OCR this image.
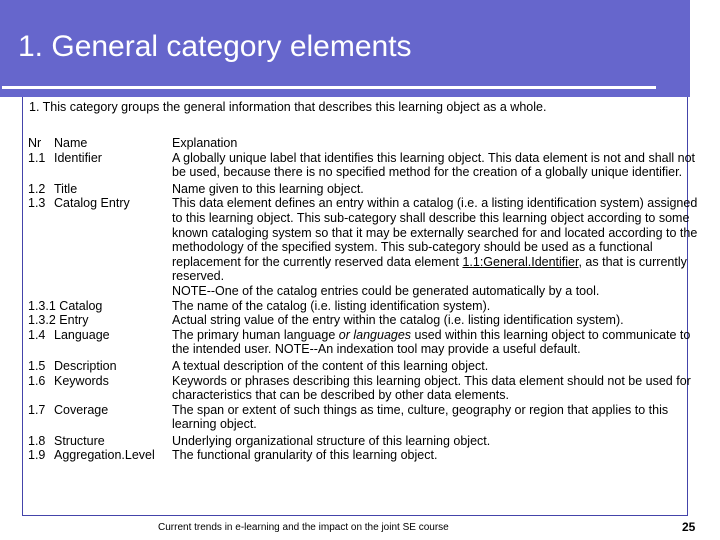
1. General category elements
1. This category groups the general information that describes this learning object as a whole.
Nr	Name	Explanation
1.1 Identifier	A globally unique label that identifies this learning object. This data element is not and shall not be used, because there is no specified method for the creation of a globally unique identifier.
1.2 Title	Name given to this learning object.
1.3 Catalog Entry	This data element defines an entry within a catalog (i.e. a listing identification system) assigned to this learning object. This sub-category shall describe this learning object according to some known cataloging system so that it may be externally searched for and located according to the methodology of the specified system. This sub-category should be used as a functional replacement for the currently reserved data element 1.1:General.Identifier, as that is currently reserved.
NOTE--One of the catalog entries could be generated automatically by a tool.
1.3.1 Catalog	The name of the catalog (i.e. listing identification system).
1.3.2 Entry	Actual string value of the entry within the catalog (i.e. listing identification system).
1.4 Language	The primary human language or languages used within this learning object to communicate to the intended user. NOTE--An indexation tool may provide a useful default.
1.5 Description	A textual description of the content of this learning object.
1.6 Keywords	Keywords or phrases describing this learning object. This data element should not be used for characteristics that can be described by other data elements.
1.7 Coverage	The span or extent of such things as time, culture, geography or region that applies to this learning object.
1.8 Structure	Underlying organizational structure of this learning object.
1.9 Aggregation.Level	The functional granularity of this learning object.
Current trends in e-learning and the impact on the joint SE course	25
